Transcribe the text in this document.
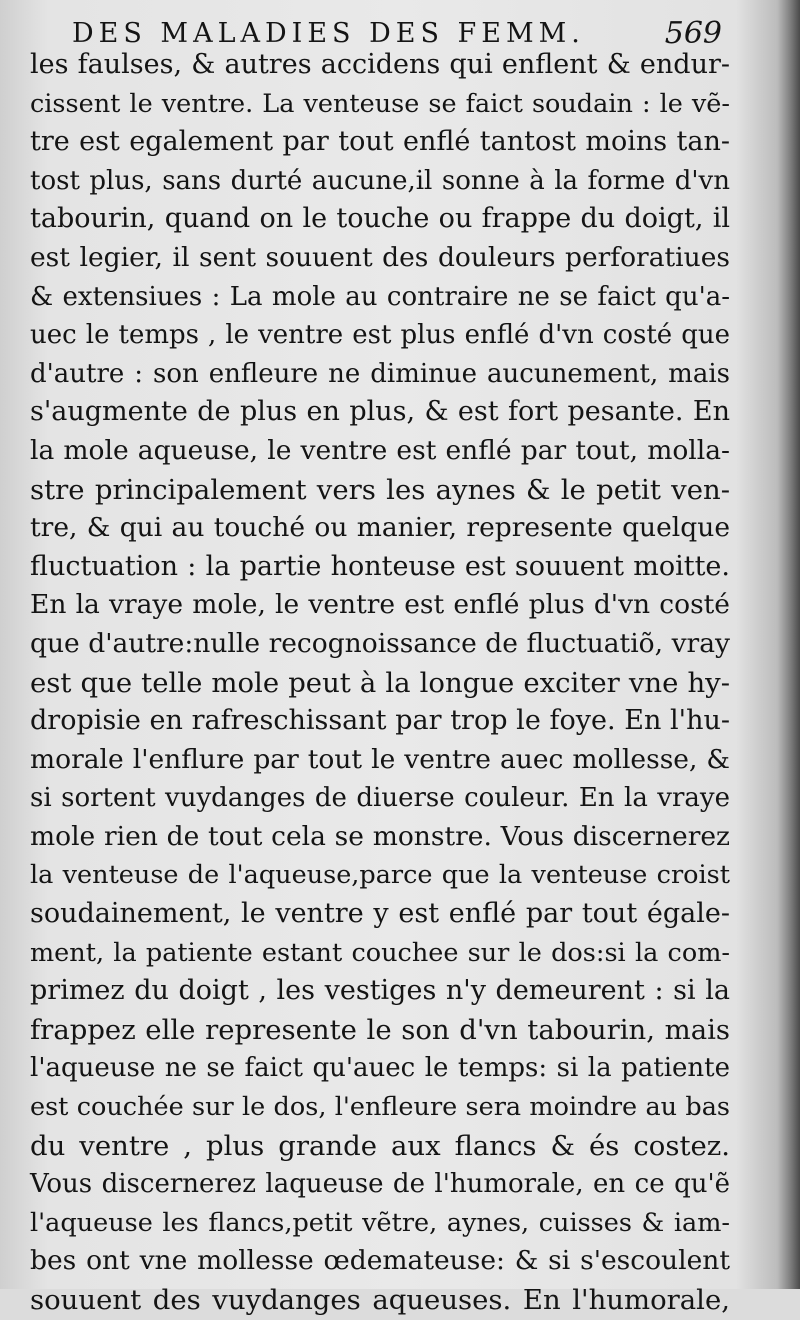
DES MALADIES DES FEMM.	569
les faulses, & autres accidens qui enflent & endur-
cissent le ventre. La venteuse se faict soudain : le vẽ-
tre est egalement par tout enflé tantost moins tan-
tost plus, sans durté aucune,il sonne à la forme d'vn
tabourin, quand on le touche ou frappe du doigt, il
est legier, il sent souuent des douleurs perforatiues
& extensiues : La mole au contraire ne se faict qu'a-
uec le temps , le ventre est plus enflé d'vn costé que
d'autre : son enfleure ne diminue aucunement, mais
s'augmente de plus en plus, & est fort pesante. En
la mole aqueuse, le ventre est enflé par tout, molla-
stre principalement vers les aynes & le petit ven-
tre, & qui au touché ou manier, represente quelque
fluctuation : la partie honteuse est souuent moitte.
En la vraye mole, le ventre est enflé plus d'vn costé
que d'autre:nulle recognoissance de fluctuatiõ, vray
est que telle mole peut à la longue exciter vne hy-
dropisie en rafreschissant par trop le foye. En l'hu-
morale l'enflure par tout le ventre auec mollesse, &
si sortent vuydanges de diuerse couleur. En la vraye
mole rien de tout cela se monstre. Vous discernerez
la venteuse de l'aqueuse,parce que la venteuse croist
soudainement, le ventre y est enflé par tout égale-
ment, la patiente estant couchee sur le dos:si la com-
primez du doigt , les vestiges n'y demeurent : si la
frappez elle represente le son d'vn tabourin, mais
l'aqueuse ne se faict qu'auec le temps: si la patiente
est couchée sur le dos, l'enfleure sera moindre au bas
du ventre , plus grande aux flancs & és costez.
Vous discernerez laqueuse de l'humorale, en ce qu'ẽ
l'aqueuse les flancs,petit vẽtre, aynes, cuisses & iam-
bes ont vne mollesse œdemateuse: & si s'escoulent
souuent des vuydanges aqueuses. En l'humorale,
